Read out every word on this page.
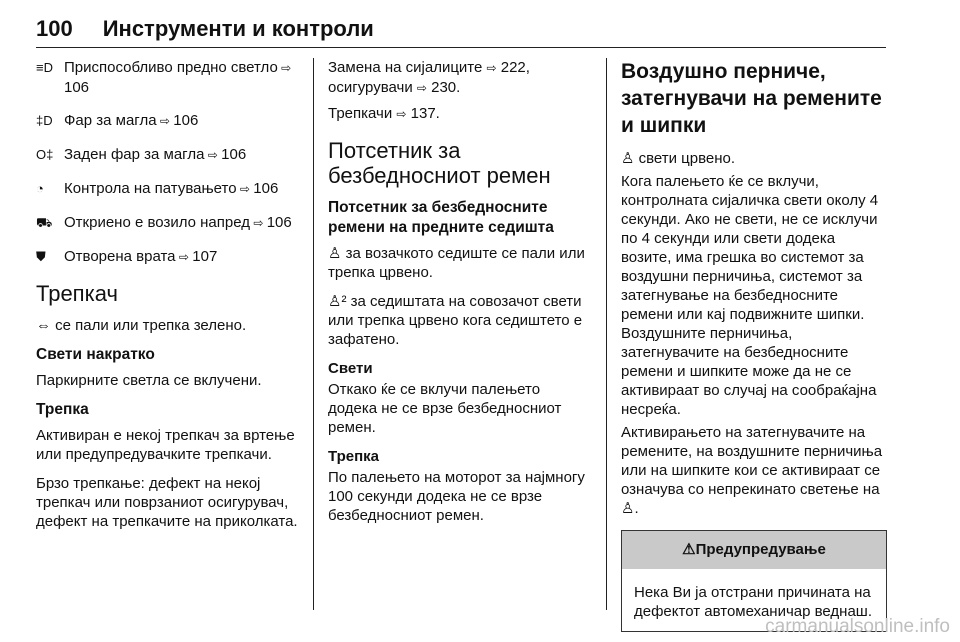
100 Инструменти и контроли
≡D Приспособливо предно светло ⇨ 106
‡D Фар за магла ⇨ 106
O‡ Заден фар за магла ⇨ 106
◔	Контрола на патувањето ⇨ 106
⛟ Откриено е возило напред ⇨ 106
⛊	Отворена врата ⇨ 107
Трепкач

⇔ се пали или трепка зелено.

Свети накратко

Паркирните светла се вклучени.

Трепка

Активиран е некој трепкач за вртење или предупредувачките трепкачи.

Брзо трепкање: дефект на некој трепкач или поврзаниот осигурувач, дефект на трепкачите на приколката.

Замена на сијалиците ⇨ 222,
осигурувачи ⇨ 230.

Трепкачи ⇨ 137.

Потсетник за безбедносниот ремен
Потсетник за безбедносните ремени на предните седишта

♙ за возачкото седиште се пали или трепка црвено.

♙² за седиштата на совозачот свети или трепка црвено кога седиштето е зафатено.

Свети

Откако ќе се вклучи палењето додека не се врзе безбедносниот ремен.

Трепка

По палењето на моторот за најмногу 100 секунди додека не се врзе безбедносниот ремен.

Воздушно перниче, затегнувачи на ремените и шипки

♙ свети црвено.

Кога палењето ќе се вклучи, контролната сијаличка свети околу 4 секунди. Ако не свети, не се исклучи по 4 секунди или свети додека возите, има грешка во системот за воздушни перничиња, системот за затегнување на безбедносните ремени или кај подвижните шипки. Воздушните перничиња, затегнувачите на безбедносните ремени и шипките може да не се активираат во случај на сообраќајна несреќа.

Активирањето на затегнувачите на ремените, на воздушните перничиња или на шипките кои се активираат се означува со непрекинато светење на ♙.

⚠Предупредување
Нека Ви ја отстрани причината на дефектот автомеханичар веднаш.
carmanualsonline.info
